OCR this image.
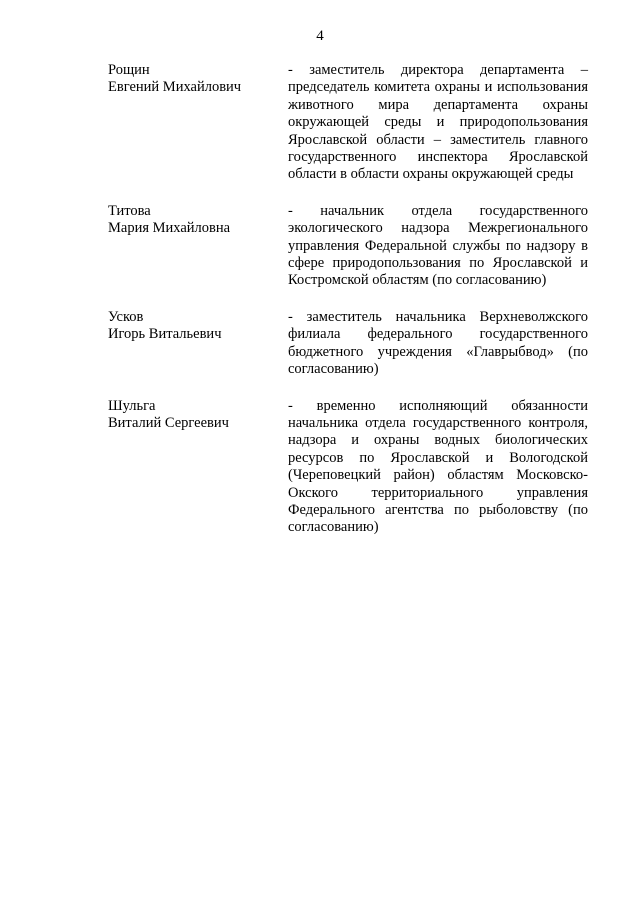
4
Рощин
Евгений Михайлович
- заместитель директора департамента – председатель комитета охраны и использования животного мира департамента охраны окружающей среды и природопользования Ярославской области – заместитель главного государственного инспектора Ярославской области в области охраны окружающей среды
Титова
Мария Михайловна
- начальник отдела государственного экологического надзора Межрегионального управления Федеральной службы по надзору в сфере природопользования по Ярославской и Костромской областям (по согласованию)
Усков
Игорь Витальевич
- заместитель начальника Верхневолжского филиала федерального государственного бюджетного учреждения «Главрыбвод» (по согласованию)
Шульга
Виталий Сергеевич
- временно исполняющий обязанности начальника отдела государственного контроля, надзора и охраны водных биологических ресурсов по Ярославской и Вологодской (Череповецкий район) областям Московско-Окского территориального управления Федерального агентства по рыболовству (по согласованию)
